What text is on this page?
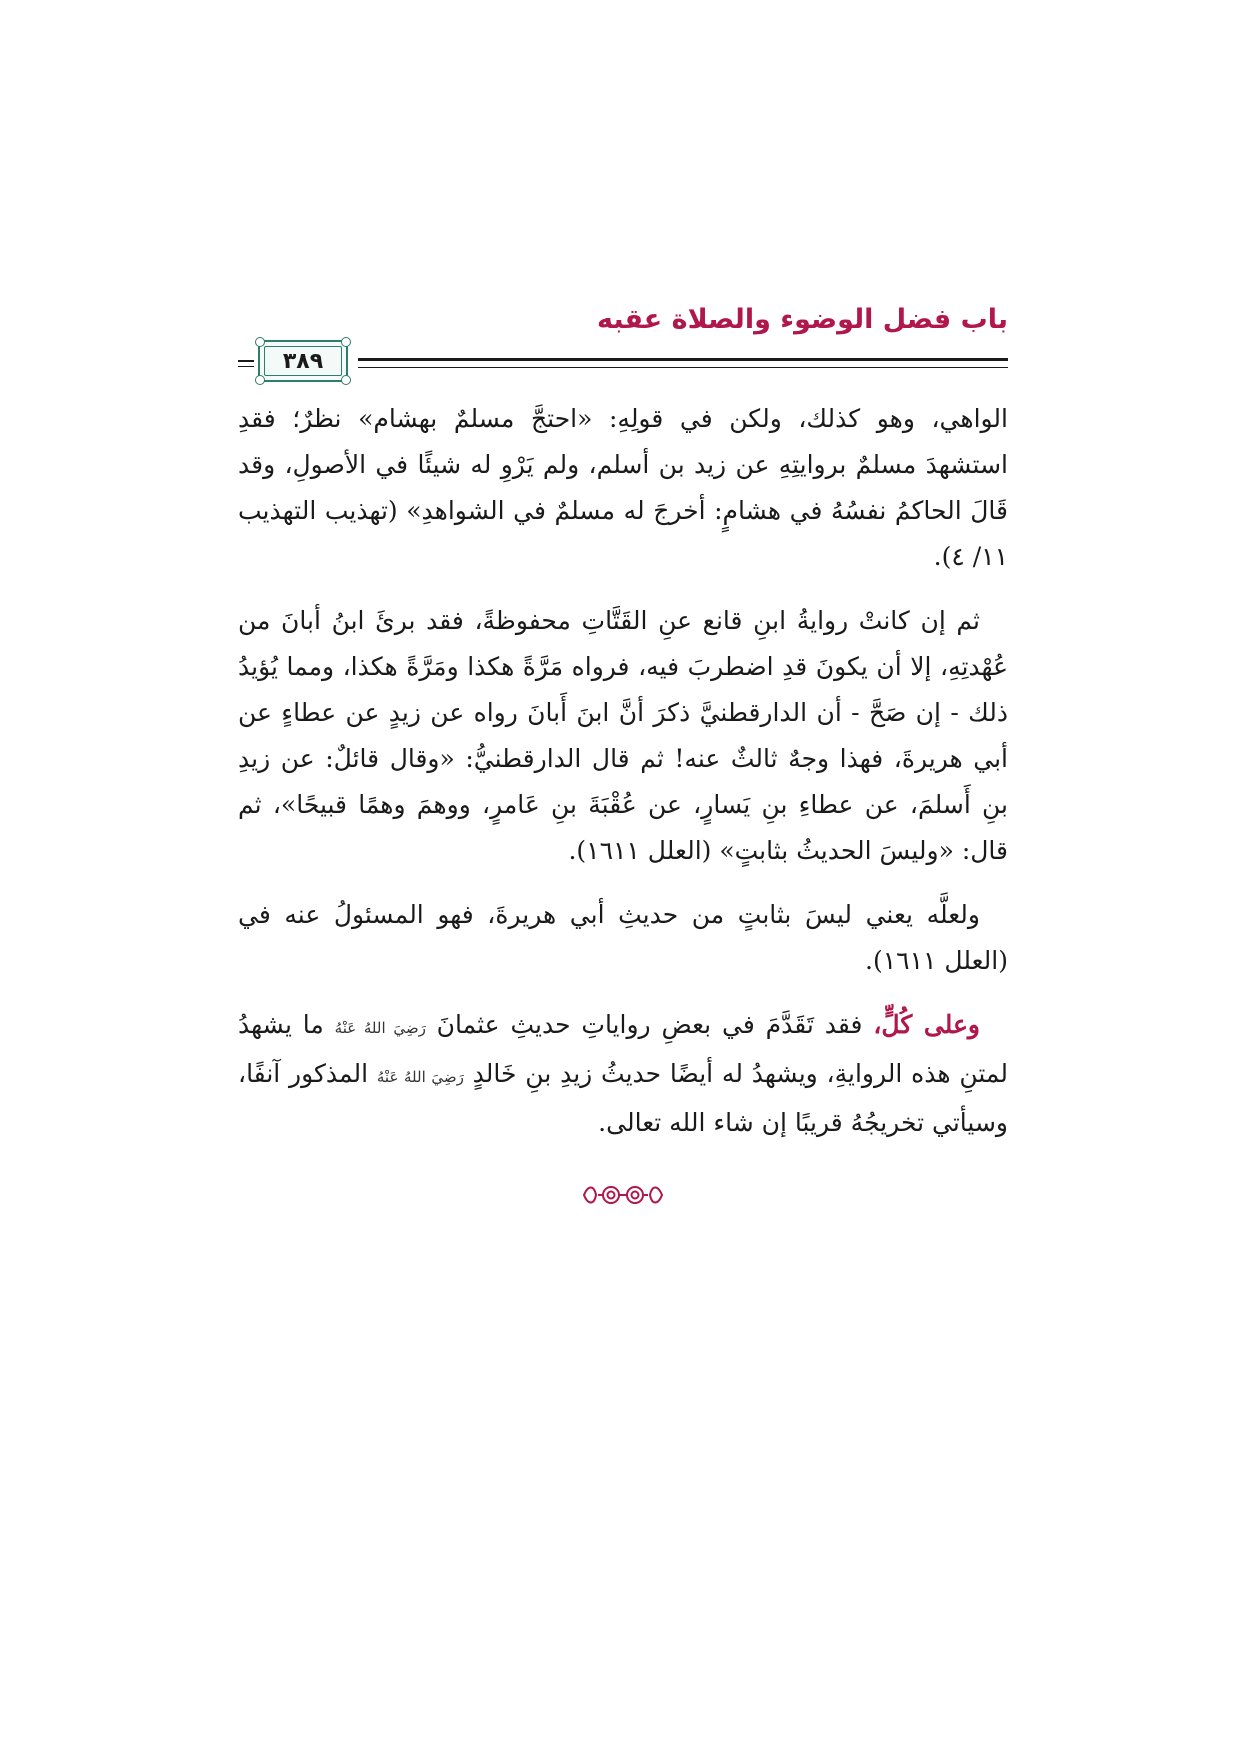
باب فضل الوضوء والصلاة عقبه
٣٨٩

الواهي، وهو كذلك، ولكن في قولِهِ: «احتجَّ مسلمٌ بهشام» نظرٌ؛ فقدِ استشهدَ مسلمٌ بروايتِهِ عن زيد بن أسلم، ولم يَرْوِ له شيئًا في الأصولِ، وقد قَالَ الحاكمُ نفسُهُ في هشامٍ: أخرجَ له مسلمٌ في الشواهدِ» (تهذيب التهذيب ١١/ ٤).

ثم إن كانتْ روايةُ ابنِ قانع عنِ القَتَّاتِ محفوظةً، فقد برئَ ابنُ أبانَ من عُهْدتِهِ، إلا أن يكونَ قدِ اضطربَ فيه، فرواه مَرَّةً هكذا ومَرَّةً هكذا، ومما يُؤيدُ ذلك - إن صَحَّ - أن الدارقطنيَّ ذكرَ أنَّ ابنَ أَبانَ رواه عن زيدٍ عن عطاءٍ عن أبي هريرةَ، فهذا وجهٌ ثالثٌ عنه! ثم قال الدارقطنيُّ: «وقال قائلٌ: عن زيدِ بنِ أَسلمَ، عن عطاءِ بنِ يَسارٍ، عن عُقْبَةَ بنِ عَامرٍ، ووهمَ وهمًا قبيحًا»، ثم قال: «وليسَ الحديثُ بثابتٍ» (العلل ١٦١١).

ولعلَّه يعني ليسَ بثابتٍ من حديثِ أبي هريرةَ، فهو المسئولُ عنه في (العلل ١٦١١).

وعلى كُلٍّ، فقد تَقَدَّمَ في بعضِ رواياتِ حديثِ عثمانَ رَضِيَ اللهُ عَنْهُ ما يشهدُ لمتنِ هذه الروايةِ، ويشهدُ له أيضًا حديثُ زيدِ بنِ خَالدٍ رَضِيَ اللهُ عَنْهُ المذكور آنفًا، وسيأتي تخريجُهُ قريبًا إن شاء الله تعالى.
